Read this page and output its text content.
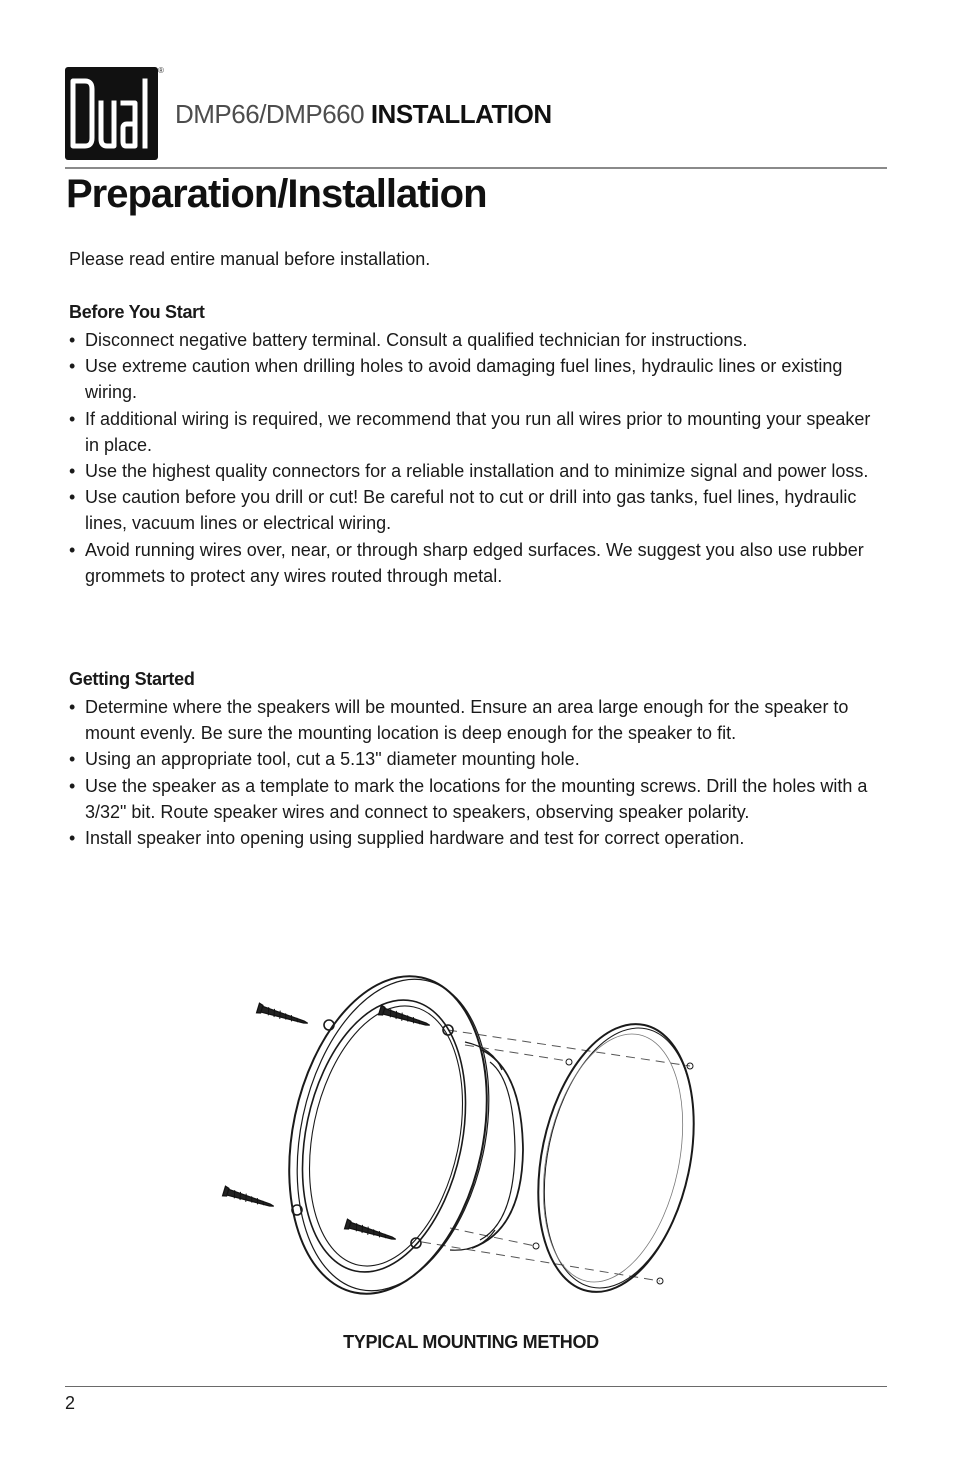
®
DMP66/DMP660 INSTALLATION
Preparation/Installation

Please read entire manual before installation.

Before You Start
• Disconnect negative battery terminal. Consult a qualified technician for instructions.
• Use extreme caution when drilling holes to avoid damaging fuel lines, hydraulic lines or existing wiring.
• If additional wiring is required, we recommend that you run all wires prior to mounting your speaker in place.
• Use the highest quality connectors for a reliable installation and to minimize signal and power loss.
• Use caution before you drill or cut! Be careful not to cut or drill into gas tanks, fuel lines, hydraulic lines, vacuum lines or electrical wiring.
• Avoid running wires over, near, or through sharp edged surfaces. We suggest you also use rubber grommets to protect any wires routed through metal.
Getting Started
• Determine where the speakers will be mounted. Ensure an area large enough for the speaker to mount evenly. Be sure the mounting location is deep enough for the speaker to fit.
• Using an appropriate tool, cut a 5.13" diameter mounting hole.
• Use the speaker as a template to mark the locations for the mounting screws. Drill the holes with a 3/32" bit. Route speaker wires and connect to speakers, observing speaker polarity.
• Install speaker into opening using supplied hardware and test for correct operation.
TYPICAL MOUNTING METHOD
2
